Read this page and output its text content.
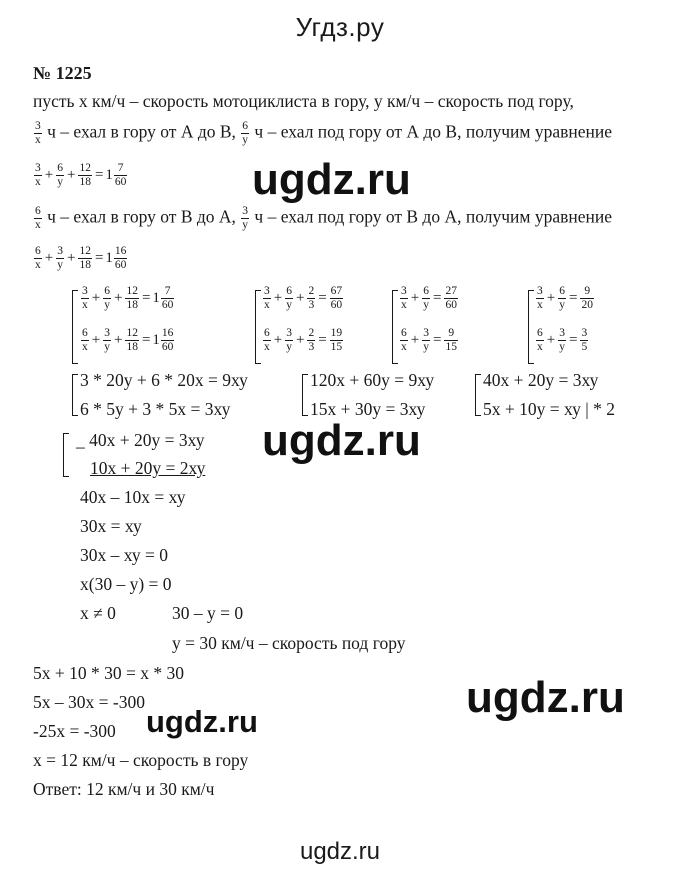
Угдз.ру
ugdz.ru
ugdz.ru
ugdz.ru
ugdz.ru
ugdz.ru
№ 1225
пусть х км/ч – скорость мотоциклиста в гору, у км/ч – скорость под гору,
$\frac{3}{x}$ ч – ехал в гору от А до В, $\frac{6}{y}$ ч – ехал под гору от А до В, получим уравнение
$\frac{3}{x} + \frac{6}{y} + \frac{12}{18} = 1 \frac{7}{60}$
$\frac{6}{x}$ ч – ехал в гору от В до А, $\frac{3}{y}$ ч – ехал под гору от В до А, получим уравнение
$\frac{6}{x} + \frac{3}{y} + \frac{12}{18} = 1 \frac{16}{60}$
$\frac{3}{x} + \frac{6}{y} + \frac{12}{18} = 1 \frac{7}{60}$
$\frac{6}{x} + \frac{3}{y} + \frac{12}{18} = 1 \frac{16}{60}$
$\frac{3}{x} + \frac{6}{y} + \frac{2}{3} = \frac{67}{60}$
$\frac{6}{x} + \frac{3}{y} + \frac{2}{3} = \frac{19}{15}$
$\frac{3}{x} + \frac{6}{y} = \frac{27}{60}$
$\frac{6}{x} + \frac{3}{y} = \frac{9}{15}$
$\frac{3}{x} + \frac{6}{y} = \frac{9}{20}$
$\frac{6}{x} + \frac{3}{y} = \frac{3}{5}$
3 * 20у + 6 * 20х = 9ху
6 * 5у + 3 * 5х = 3ху
120х + 60у = 9ху
15х + 30у = 3ху
40х + 20у = 3ху
5х + 10у = ху | * 2
_ 40х + 20у = 3ху
10х + 20у = 2ху
40х – 10х = ху
30х = ху
30х – ху = 0
х(30 – у) = 0
х ≠ 0	30 – у = 0
у = 30 км/ч – скорость под гору
5х + 10 * 30 = х * 30
5х – 30х = -300
-25х = -300
х = 12 км/ч – скорость в гору
Ответ: 12 км/ч и 30 км/ч
